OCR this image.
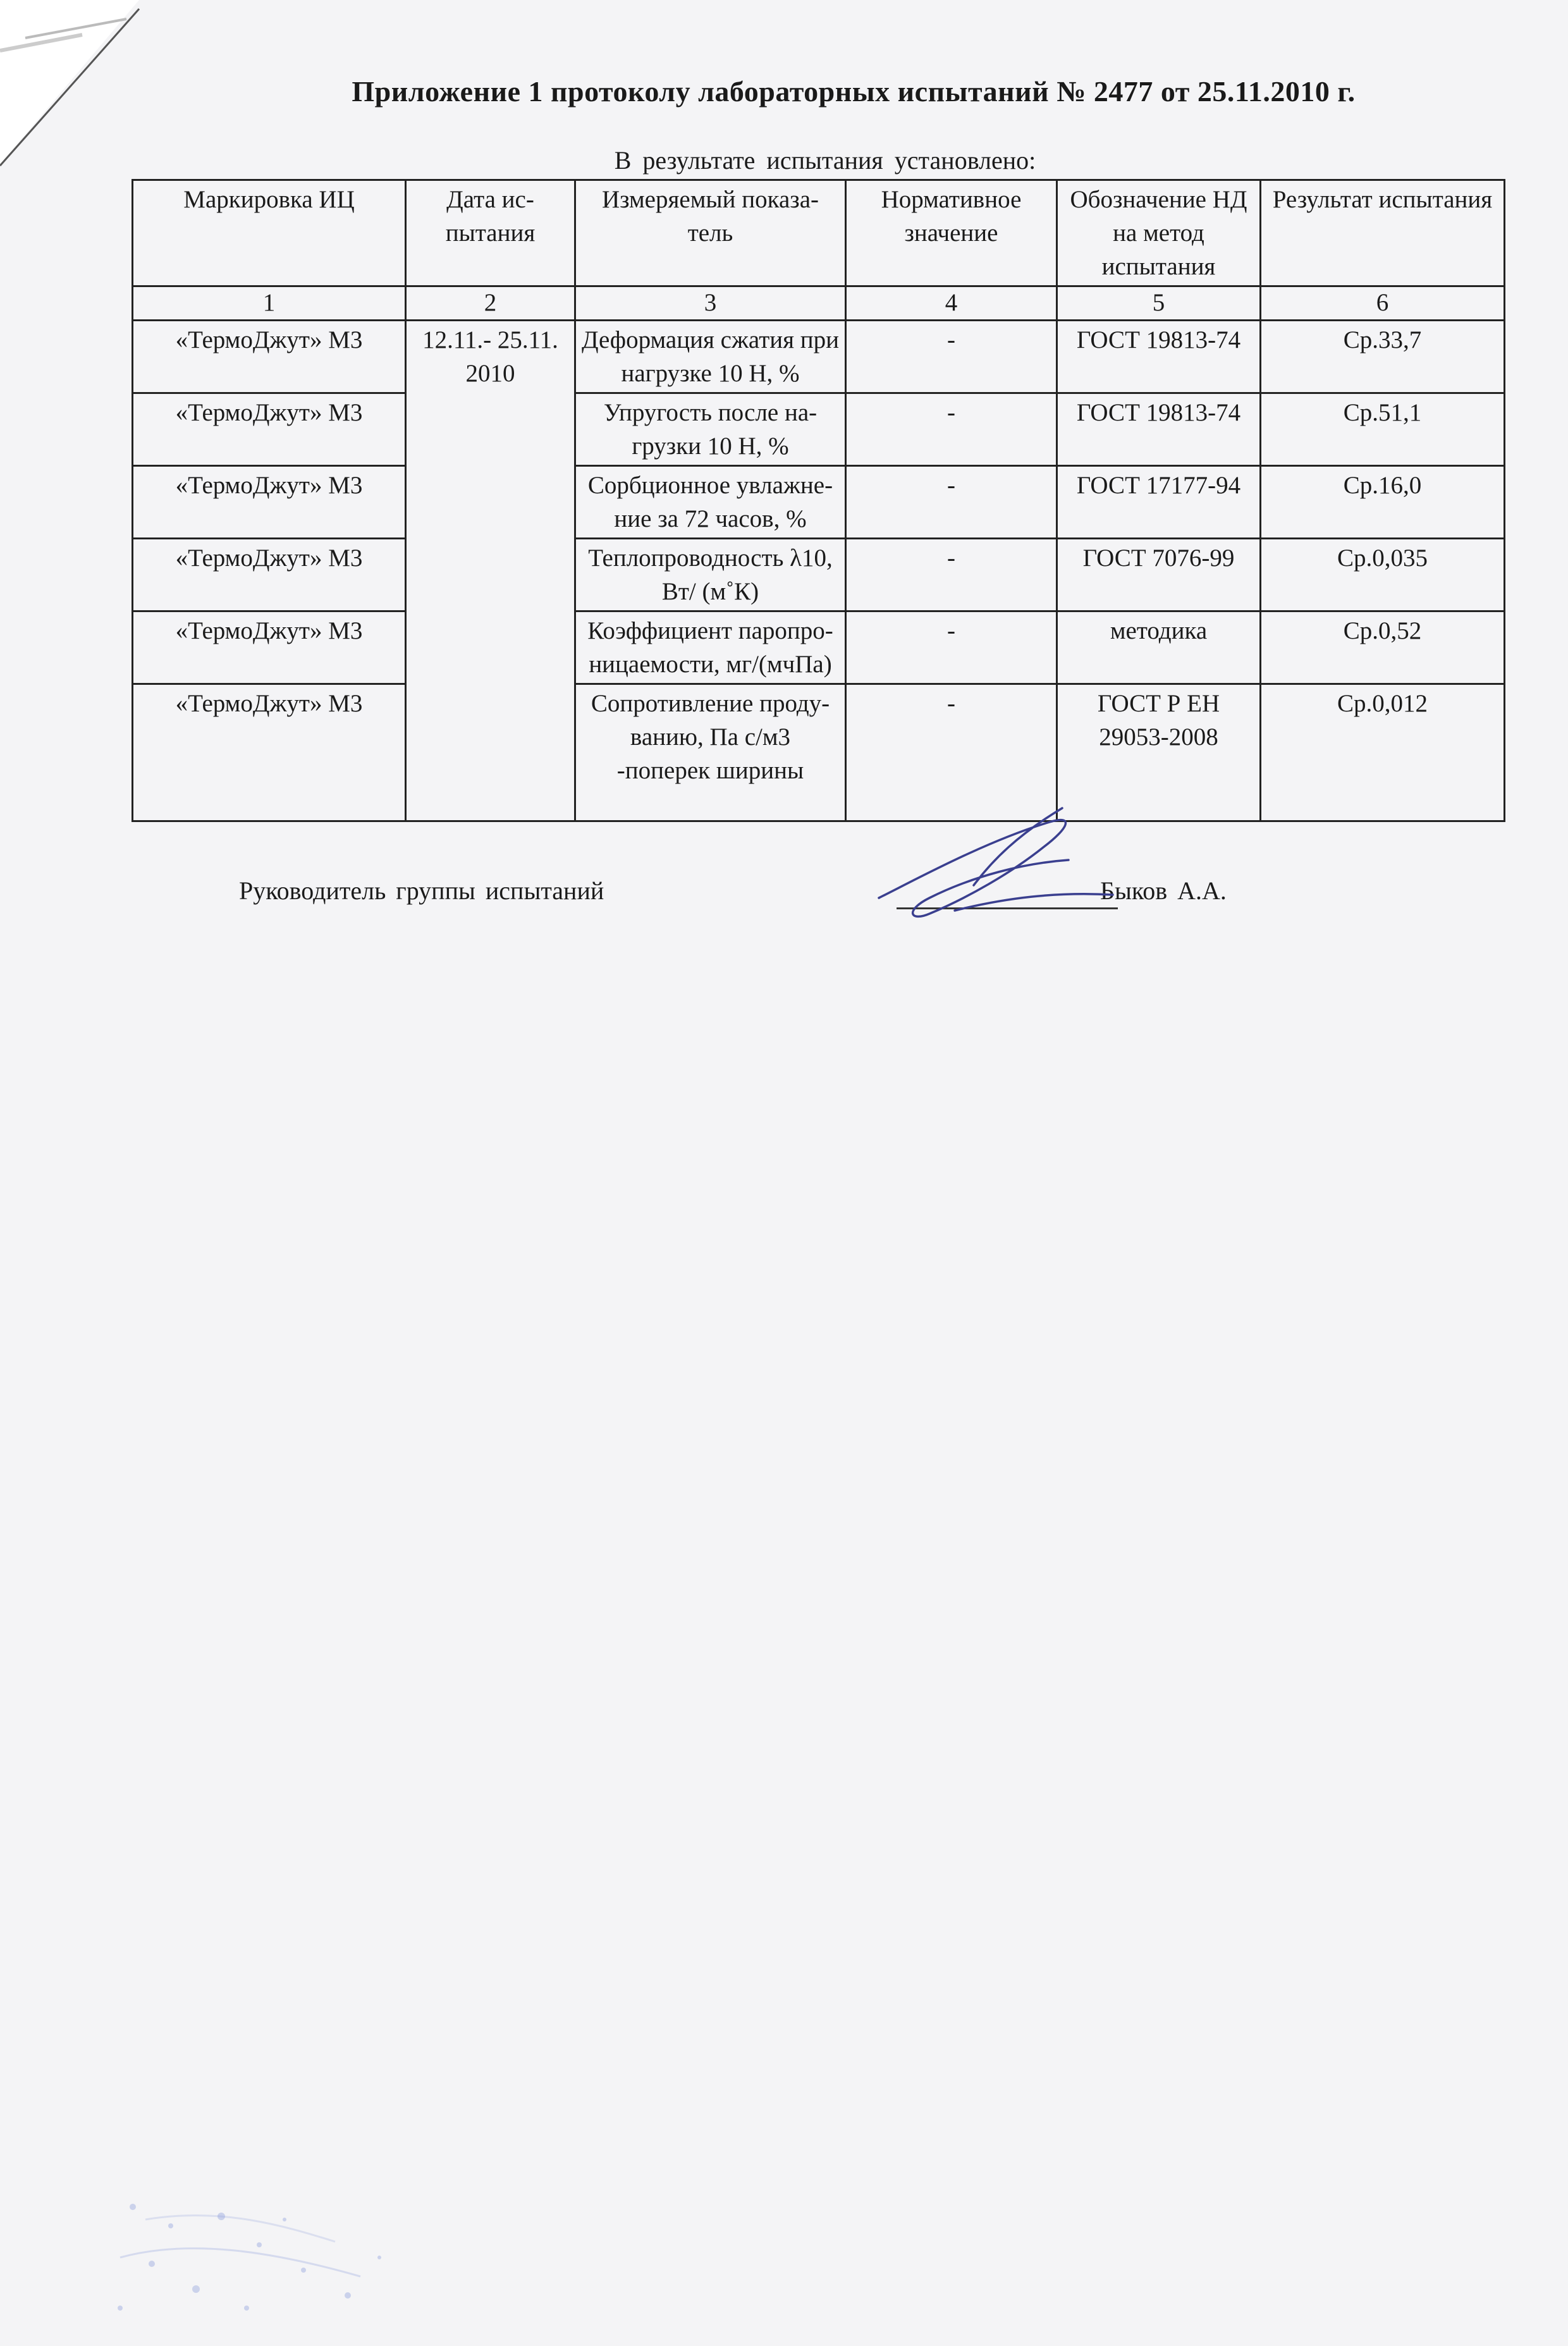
Приложение 1 протоколу лабораторных испытаний № 2477 от 25.11.2010 г.
В результате испытания установлено:
Маркировка ИЦ	Дата ис- пытания	Измеряемый показа- тель	Нормативное значение	Обозначение НД на метод испытания	Результат испытания
1	2	3	4	5	6
«ТермоДжут» М3	12.11.- 25.11. 2010	Деформация сжатия при нагрузке 10 Н, %	-	ГОСТ 19813-74	Ср.33,7
«ТермоДжут» М3		Упругость после на- грузки 10 Н, %	-	ГОСТ 19813-74	Ср.51,1
«ТермоДжут» М3		Сорбционное увлажне- ние за 72 часов, %	-	ГОСТ 17177-94	Ср.16,0
«ТермоДжут» М3		Теплопроводность λ10, Вт/ (м˚К)	-	ГОСТ 7076-99	Ср.0,035
«ТермоДжут» М3		Коэффициент паропро- ницаемости, мг/(мчПа)	-	методика	Ср.0,52
«ТермоДжут» М3		Сопротивление проду- ванию, Па с/м3 -поперек ширины	-	ГОСТ Р ЕН 29053-2008	Ср.0,012
Руководитель группы испытаний	Быков А.А.
